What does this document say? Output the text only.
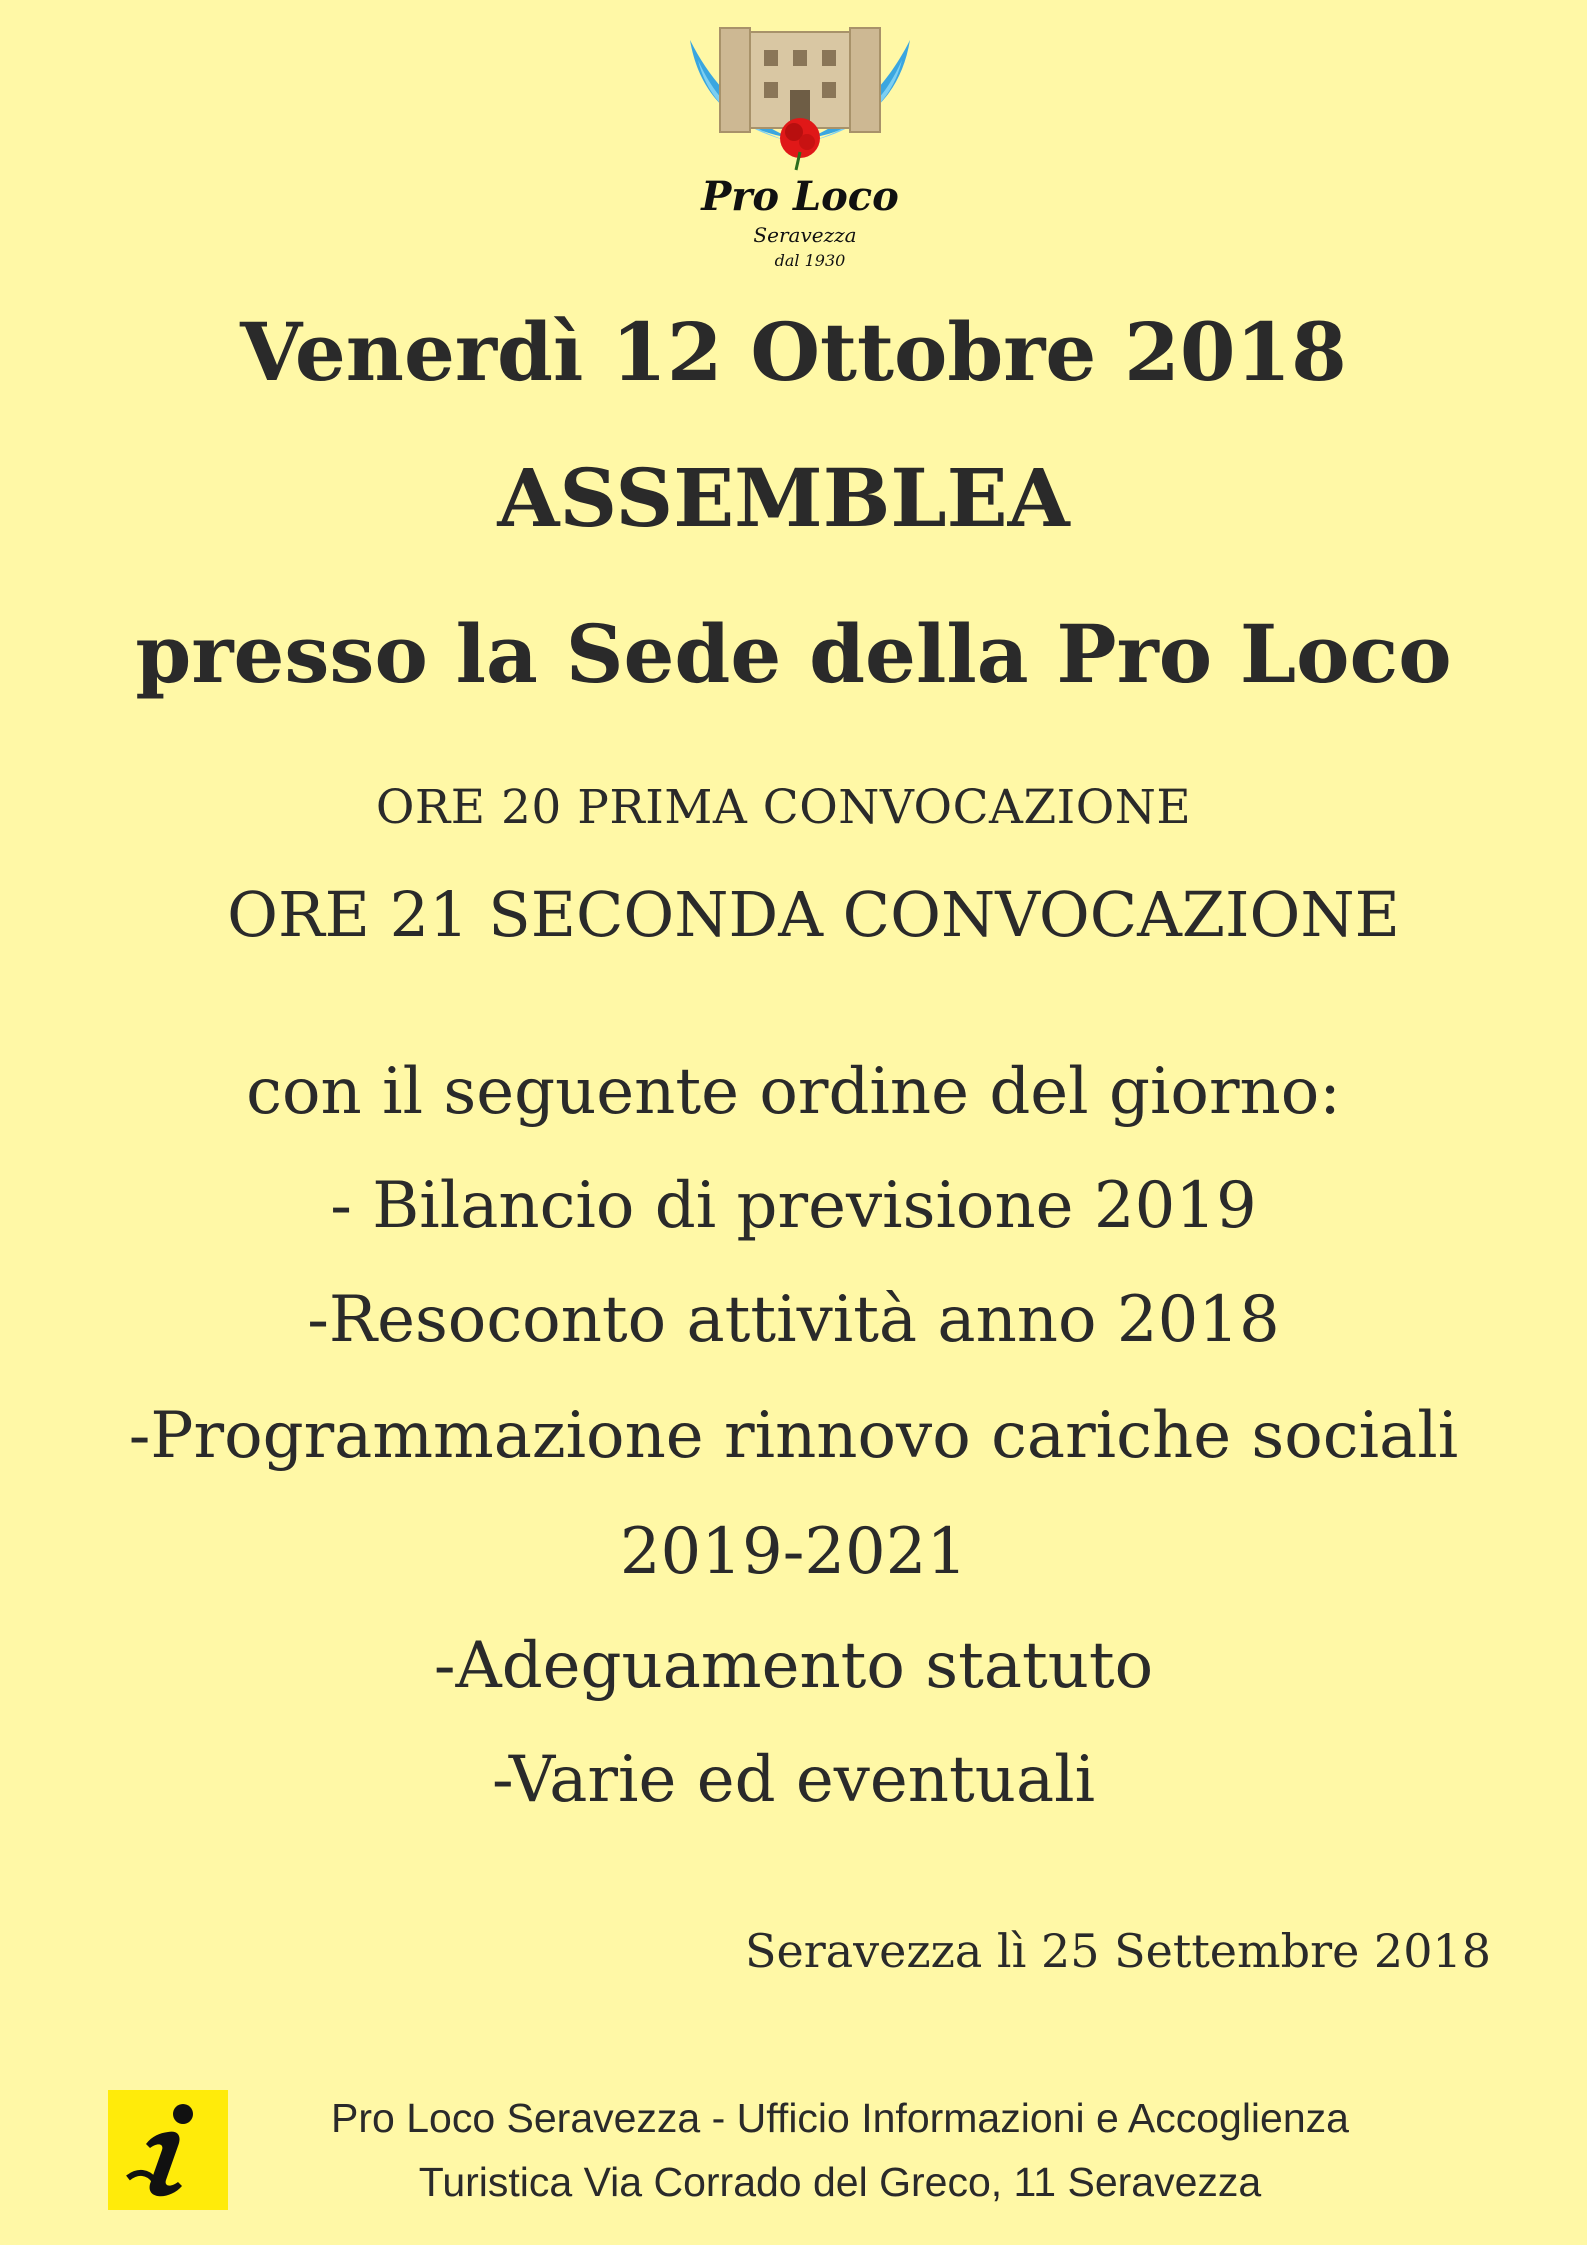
Pro Loco
Seravezza
dal 1930
Venerdì 12 Ottobre 2018
ASSEMBLEA
presso la Sede della Pro Loco
ORE 20 PRIMA CONVOCAZIONE
ORE 21 SECONDA CONVOCAZIONE
con il seguente ordine del giorno:
- Bilancio di previsione 2019
-Resoconto attività anno 2018
-Programmazione rinnovo cariche sociali
2019-2021
-Adeguamento statuto
-Varie ed eventuali
Seravezza lì 25 Settembre 2018
Pro Loco Seravezza - Ufficio Informazioni e Accoglienza
Turistica Via Corrado del Greco, 11 Seravezza
